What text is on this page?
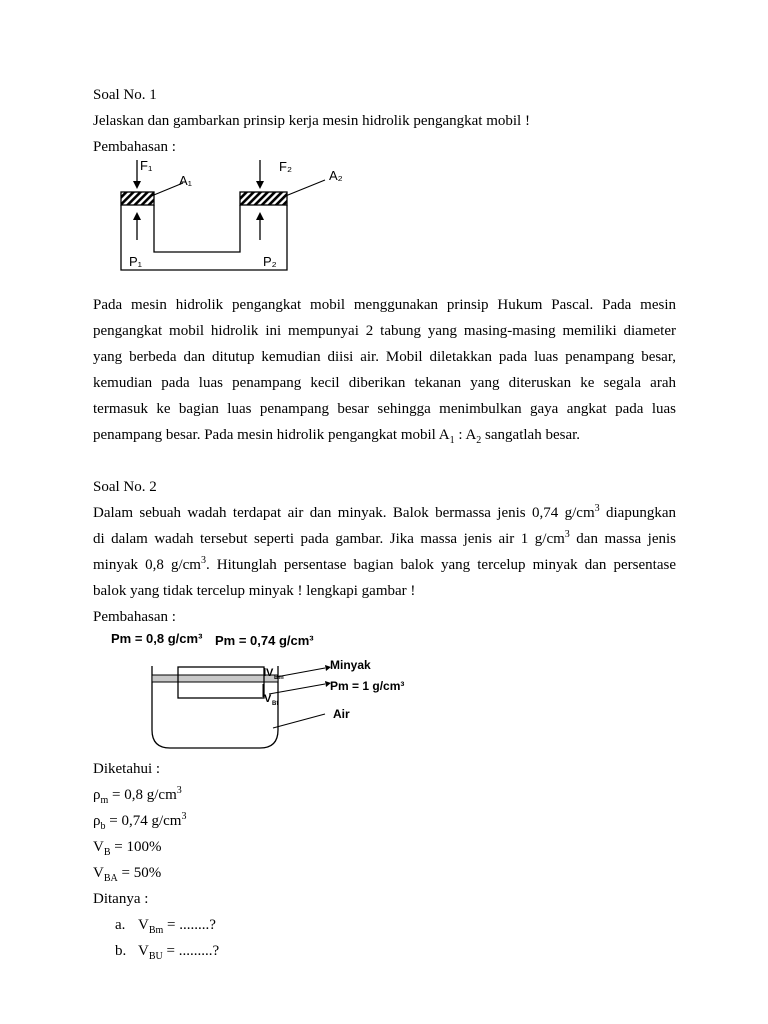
Soal No. 1
Jelaskan dan gambarkan prinsip kerja mesin hidrolik pengangkat mobil !
Pembahasan :
F₁	F₂
A₁	A₂
P₁	P₂
Pada mesin hidrolik pengangkat mobil menggunakan prinsip Hukum Pascal. Pada mesin
pengangkat mobil hidrolik ini mempunyai 2 tabung yang masing-masing memiliki diameter
yang berbeda dan ditutup kemudian diisi air. Mobil diletakkan pada luas penampang besar,
kemudian pada luas penampang kecil diberikan tekanan yang diteruskan ke segala arah
termasuk ke bagian luas penampang besar sehingga menimbulkan gaya angkat pada luas
penampang besar. Pada mesin hidrolik pengangkat mobil $A_1$ : $A_2$ sangatlah besar.
Soal No. 2
Dalam sebuah wadah terdapat air dan minyak. Balok bermassa jenis 0,74 $g/cm^3$ diapungkan
di dalam wadah tersebut seperti pada gambar. Jika massa jenis air 1 $g/cm^3$ dan massa jenis
minyak 0,8 $g/cm^3$. Hitunglah persentase bagian balok yang tercelup minyak dan persentase
balok yang tidak tercelup minyak ! lengkapi gambar !
Pembahasan :
Pm = 0,8 g/cm³ Pm = 0,74 g/cm³
Minyak
Pm = 1 g/cm³
Air
V Bm
V Bf
Diketahui :
$\rho_m = 0,8$ $g/cm^3$
$\rho_b = 0,74$ $g/cm^3$
$V_B = 100\%$
$V_{BA} = 50\%$
Ditanya :
a. $V_{Bm}$ = ........?
b. $V_{BU}$ = .........?
